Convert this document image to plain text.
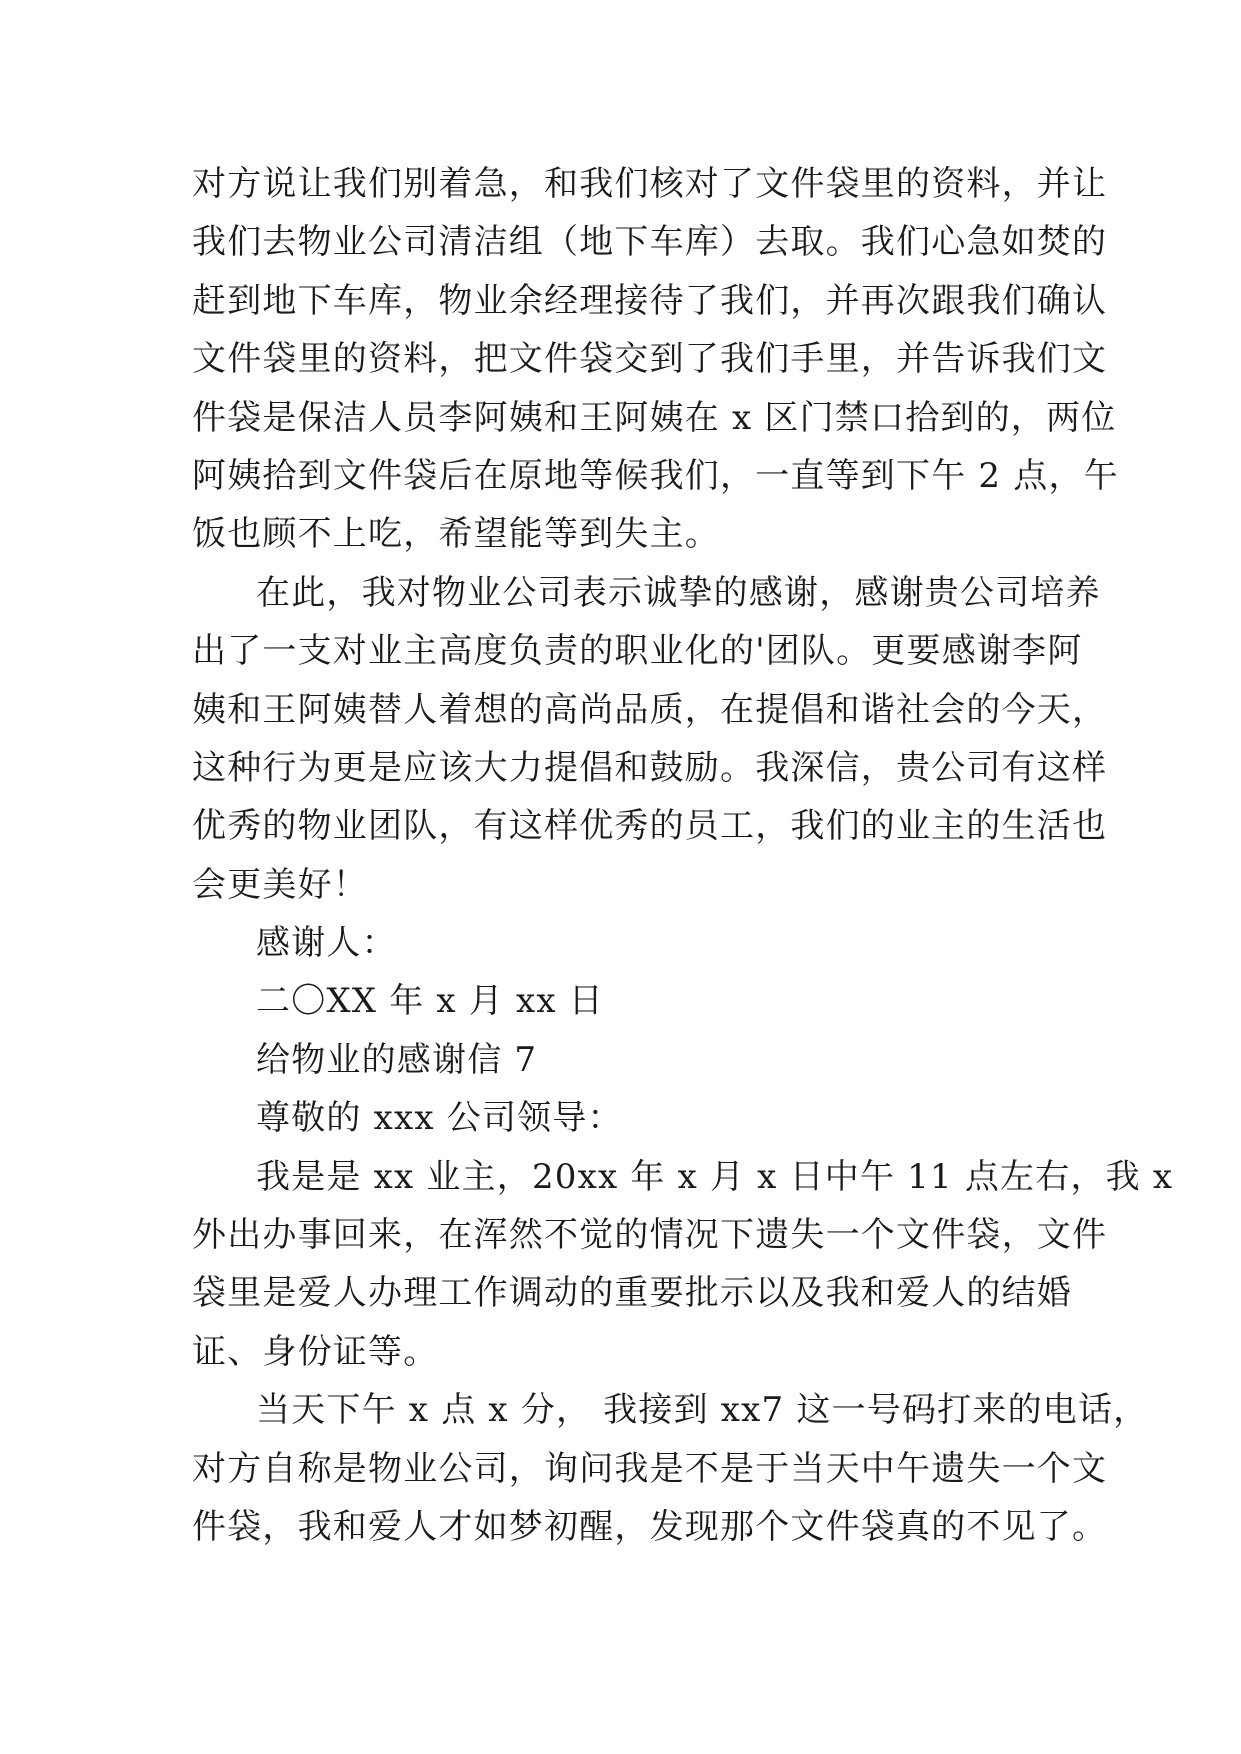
对方说让我们别着急，和我们核对了文件袋里的资料，并让
我们去物业公司清洁组（地下车库）去取。我们心急如焚的
赶到地下车库，物业余经理接待了我们，并再次跟我们确认
文件袋里的资料，把文件袋交到了我们手里，并告诉我们文
件袋是保洁人员李阿姨和王阿姨在 x 区门禁口拾到的，两位
阿姨拾到文件袋后在原地等候我们，一直等到下午 2 点，午
饭也顾不上吃，希望能等到失主。
在此，我对物业公司表示诚挚的感谢，感谢贵公司培养
出了一支对业主高度负责的职业化的'团队。更要感谢李阿
姨和王阿姨替人着想的高尚品质，在提倡和谐社会的今天，
这种行为更是应该大力提倡和鼓励。我深信，贵公司有这样
优秀的物业团队，有这样优秀的员工，我们的业主的生活也
会更美好！
感谢人：
二〇XX 年 x 月 xx 日
给物业的感谢信 7
尊敬的 xxx 公司领导：
我是是 xx 业主，20xx 年 x 月 x 日中午 11 点左右，我 x
外出办事回来，在浑然不觉的情况下遗失一个文件袋，文件
袋里是爱人办理工作调动的重要批示以及我和爱人的结婚
证、身份证等。
当天下午 x 点 x 分， 我接到 xx7 这一号码打来的电话，
对方自称是物业公司，询问我是不是于当天中午遗失一个文
件袋，我和爱人才如梦初醒，发现那个文件袋真的不见了。
